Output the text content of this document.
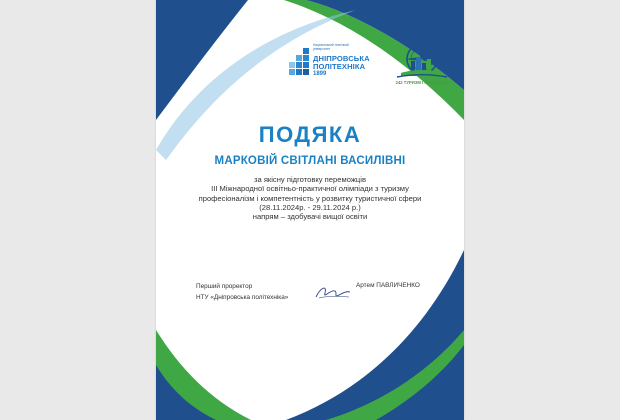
Національний технічний університет
ДНІПРОВСЬКА
ПОЛІТЕХНІКА
1899
242 ТУРИЗМ І РЕКРЕАЦІЯ
ПОДЯКА
МАРКОВІЙ СВІТЛАНІ ВАСИЛІВНІ
за якісну підготовку переможців
ІІІ Міжнародної освітньо-практичної олімпіади з туризму
професіоналізм і компетентність у розвитку туристичної сфери
(28.11.2024р. - 29.11.2024 р.)
напрям – здобувачі вищої освіти
Перший проректор
НТУ «Дніпровська політехніка»
Артем ПАВЛИЧЕНКО
